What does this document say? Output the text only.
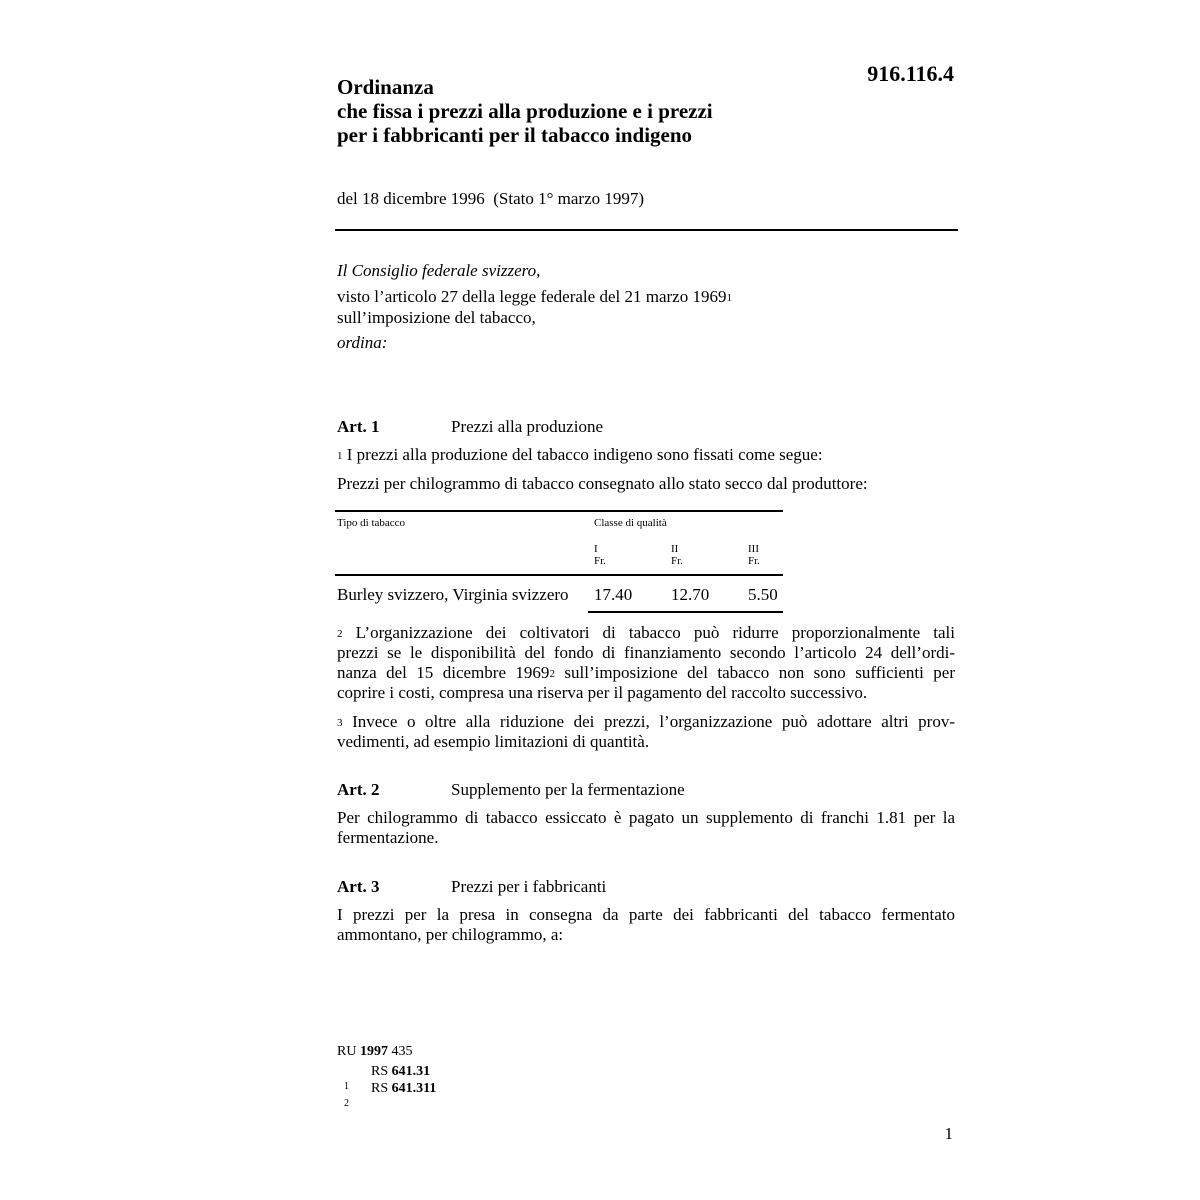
916.116.4
Ordinanza
che fissa i prezzi alla produzione e i prezzi
per i fabbricanti per il tabacco indigeno
del 18 dicembre 1996  (Stato 1° marzo 1997)
Il Consiglio federale svizzero,
visto l’articolo 27 della legge federale del 21 marzo 1969$^1$
sull’imposizione del tabacco,
ordina:
Art. 1	Prezzi alla produzione
$^1$ I prezzi alla produzione del tabacco indigeno sono fissati come segue:
Prezzi per chilogrammo di tabacco consegnato allo stato secco dal produttore:
Tipo di tabacco	Classe di qualità
I
Fr.
II
Fr.
III
Fr.
Burley svizzero, Virginia svizzero 17.40 12.70 5.50
$^2$ L’organizzazione dei coltivatori di tabacco può ridurre proporzionalmente tali
prezzi se le disponibilità del fondo di finanziamento secondo l’articolo 24 dell’ordi-
nanza del 15 dicembre 1969$^2$ sull’imposizione del tabacco non sono sufficienti per
coprire i costi, compresa una riserva per il pagamento del raccolto successivo.
$^3$ Invece o oltre alla riduzione dei prezzi, l’organizzazione può adottare altri prov-
vedimenti, ad esempio limitazioni di quantità.
Art. 2	Supplemento per la fermentazione
Per chilogrammo di tabacco essiccato è pagato un supplemento di franchi 1.81 per la
fermentazione.
Art. 3	Prezzi per i fabbricanti
I prezzi per la presa in consegna da parte dei fabbricanti del tabacco fermentato
ammontano, per chilogrammo, a:
RU 1997 435

$^1$

RS 641.31

$^2$

RS 641.311
1
